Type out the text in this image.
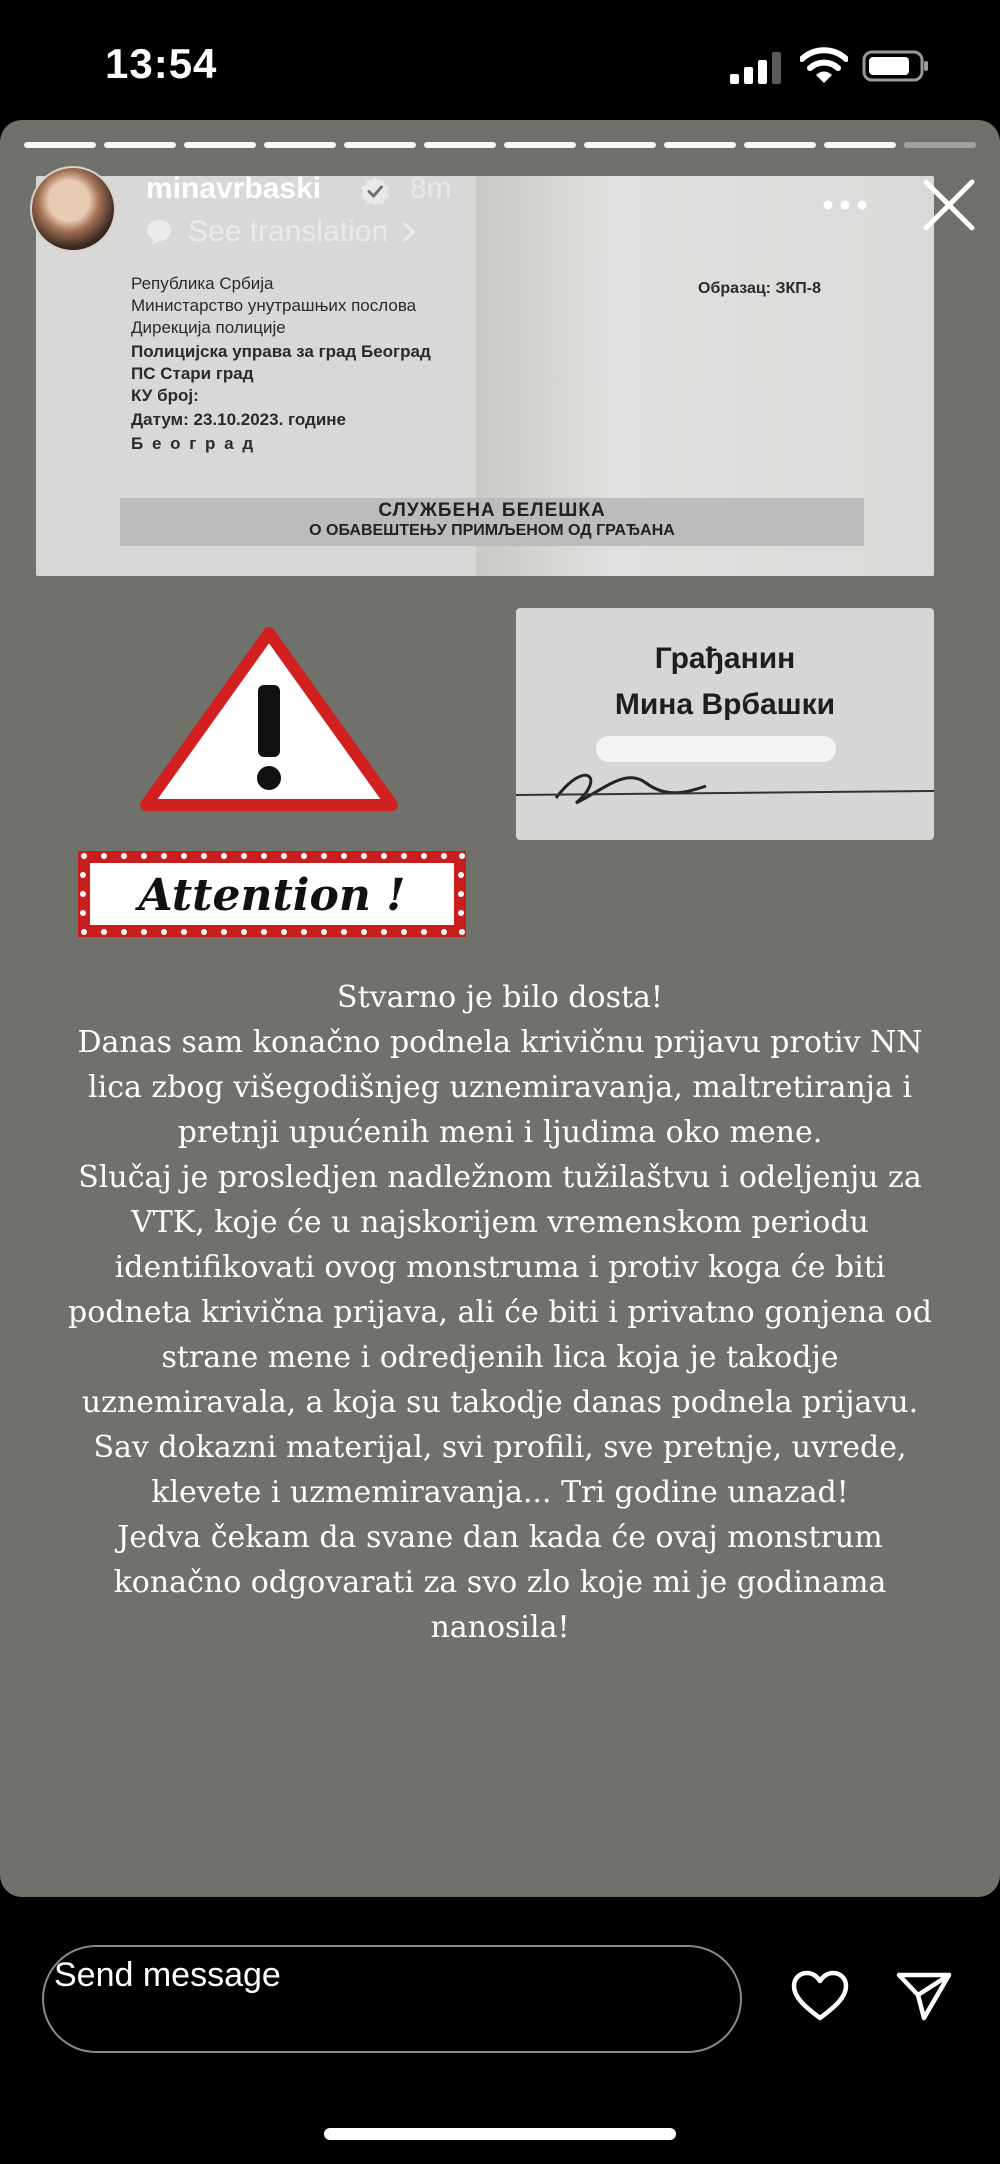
13:54
Република Србија
Министарство унутрашњих послова
Дирекција полиције
Полицијска управа за град Београд
ПС Стари град
КУ број:
Датум: 23.10.2023. године
Б е о г р а д
Образац: ЗКП-8
СЛУЖБЕНА БЕЛЕШКА
О ОБАВЕШТЕЊУ ПРИМЉЕНОМ ОД ГРАЂАНА
Attention !
Грађанин
Мина Врбашки
Stvarno je bilo dosta!
Danas sam konačno podnela krivičnu prijavu protiv NN
lica zbog višegodišnjeg uznemiravanja, maltretiranja i
pretnji upućenih meni i ljudima oko mene.
Slučaj je prosledjen nadležnom tužilaštvu i odeljenju za
VTK, koje će u najskorijem vremenskom periodu
identifikovati ovog monstruma i protiv koga će biti
podneta krivična prijava, ali će biti i privatno gonjena od
strane mene i odredjenih lica koja je takodje
uznemiravala, a koja su takodje danas podnela prijavu.
Sav dokazni materijal, svi profili, sve pretnje, uvrede,
klevete i uzmemiravanja... Tri godine unazad!
Jedva čekam da svane dan kada će ovaj monstrum
konačno odgovarati za svo zlo koje mi je godinama
nanosila!
minavrbaski	8m
See translation
Send message
